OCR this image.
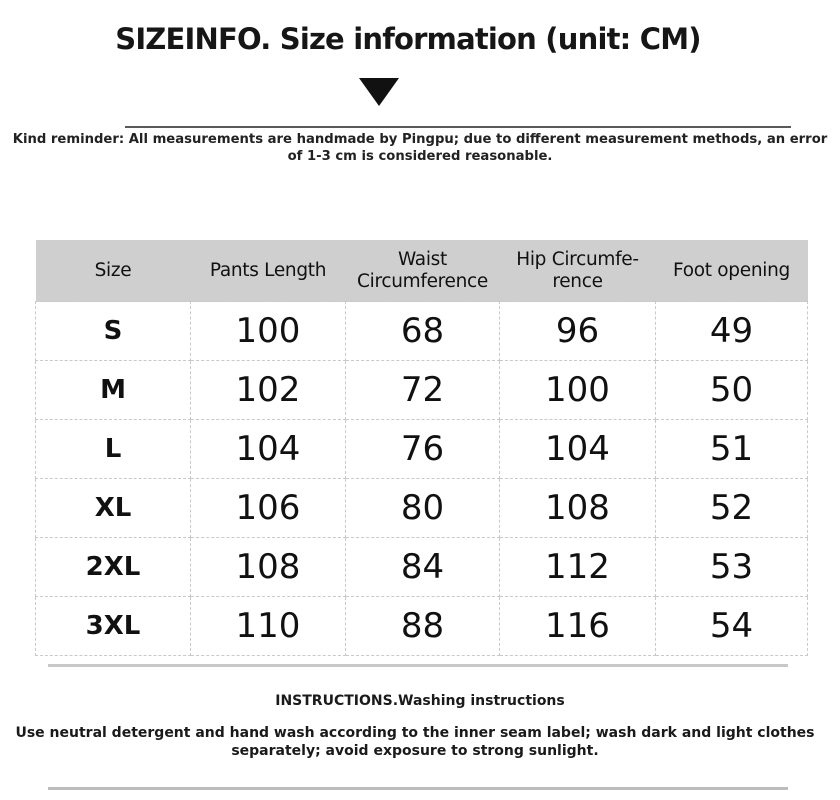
SIZEINFO. Size information (unit: CM)
Kind reminder: All measurements are handmade by Pingpu; due to different measurement methods, an error of 1-3 cm is considered reasonable.
Size	Pants Length	Waist Circumference	Hip Circumfe-rence	Foot opening
S	100	68	96	49
M	102	72	100	50
L	104	76	104	51
XL	106	80	108	52
2XL	108	84	112	53
3XL	110	88	116	54
INSTRUCTIONS.Washing instructions
Use neutral detergent and hand wash according to the inner seam label; wash dark and light clothes separately; avoid exposure to strong sunlight.
